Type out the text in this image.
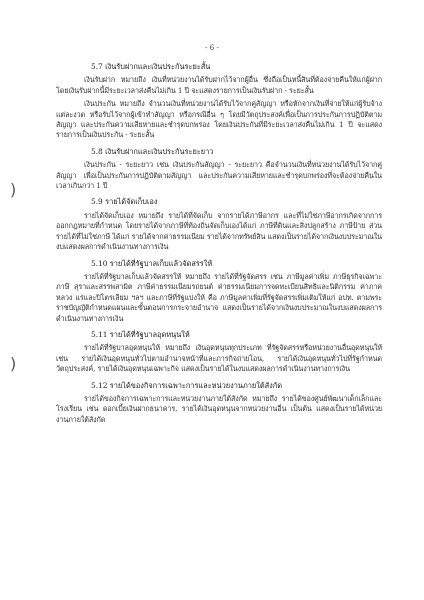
- 6 -
)
)
5.7 เงินรับฝากและเงินประกันระยะสั้น
เงินรับฝาก หมายถึง เงินที่หน่วยงานได้รับฝากไว้จากผู้อื่น ซึ่งถือเป็นหนี้สินที่ต้องจ่ายคืนให้แก่ผู้ฝาก โดยเงินรับฝากนี้มีระยะเวลาส่งคืนไม่เกิน 1 ปี จะแสดงรายการเป็นเงินรับฝาก - ระยะสั้น
เงินประกัน หมายถึง จำนวนเงินที่หน่วยงานได้รับไว้จากคู่สัญญา หรือหักจากเงินที่จ่ายให้แก่ผู้รับจ้างแต่ละงวด หรือรับไว้จากผู้เข้าทำสัญญา หรือกรณีอื่น ๆ โดยมีวัตถุประสงค์เพื่อเป็นการประกันการปฏิบัติตามสัญญา และประกันความเสียหายและชำรุดบกพร่อง โดยเงินประกันที่มีระยะเวลาส่งคืนไม่เกิน 1 ปี จะแสดงรายการเป็นเงินประกัน - ระยะสั้น
5.8 เงินรับฝากและเงินประกันระยะยาว
เงินประกัน - ระยะยาว เช่น เงินประกันสัญญา - ระยะยาว คือจำนวนเงินที่หน่วยงานได้รับไว้จากคู่สัญญา เพื่อเป็นประกันการปฏิบัติตามสัญญา และประกันความเสียหายและชำรุดบกพร่องที่จะต้องจ่ายคืนในเวลาเกินกว่า 1 ปี
5.9 รายได้จัดเก็บเอง
รายได้จัดเก็บเอง หมายถึง รายได้ที่จัดเก็บ จากรายได้ภาษีอากร และที่ไม่ใช่ภาษีอากรเกิดจากการออกกฎหมายที่กำหนด โดยรายได้จากภาษีที่ท้องถิ่นจัดเก็บเองได้แก่ ภาษีที่ดินและสิ่งปลูกสร้าง ภาษีป้าย ส่วนรายได้ที่ไม่ใช่ภาษี ได้แก่ รายได้จากค่าธรรมเนียม รายได้จากทรัพย์สิน แสดงเป็นรายได้จากเงินงบประมาณในงบแสดงผลการดำเนินงานทางการเงิน
5.10 รายได้ที่รัฐบาลเก็บแล้วจัดสรรให้
รายได้ที่รัฐบาลเก็บแล้วจัดสรรให้ หมายถึง รายได้ที่รัฐจัดสรร เช่น ภาษีมูลค่าเพิ่ม ภาษีธุรกิจเฉพาะ ภาษี สุราและสรรพสามิต ภาษีค่าธรรมเนียมรถยนต์ ค่าธรรมเนียมการจดทะเบียนสิทธิและนิติกรรม ค่าภาคหลวง แร่และปิโตรเลียม ฯลฯ และภาษีที่รัฐแบ่งให้ คือ ภาษีมูลค่าเพิ่มที่รัฐจัดสรรเพิ่มเติมให้แก่ อปท. ตามพระราชบัญญัติกำหนดแผนและขั้นตอนการกระจายอำนาจ แสดงเป็นรายได้จากเงินงบประมาณในงบแสดงผลการดำเนินงานทางการเงิน
5.11 รายได้ที่รัฐบาลอุดหนุนให้
รายได้ที่รัฐบาลอุดหนุนให้ หมายถึง เงินอุดหนุนทุกประเภท ที่รัฐจัดสรรหรือหน่วยงานอื่นอุดหนุนให้ เช่น รายได้เงินอุดหนุนทั่วไปตามอำนาจหน้าที่และภารกิจถ่ายโอน, รายได้เงินอุดหนุนทั่วไปที่รัฐกำหนดวัตถุประสงค์, รายได้เงินอุดหนุนเฉพาะกิจ แสดงเป็นรายได้ในงบแสดงผลการดำเนินงานทางการเงิน
5.12 รายได้ของกิจการเฉพาะการและหน่วยงานภายใต้สังกัด
รายได้ของกิจการเฉพาะการและหน่วยงานภายใต้สังกัด หมายถึง รายได้ของศูนย์พัฒนาเด็กเล็กและโรงเรียน เช่น ดอกเบี้ยเงินฝากธนาคาร, รายได้เงินอุดหนุนจากหน่วยงานอื่น เป็นต้น แสดงเป็นรายได้หน่วยงานภายใต้สังกัด
